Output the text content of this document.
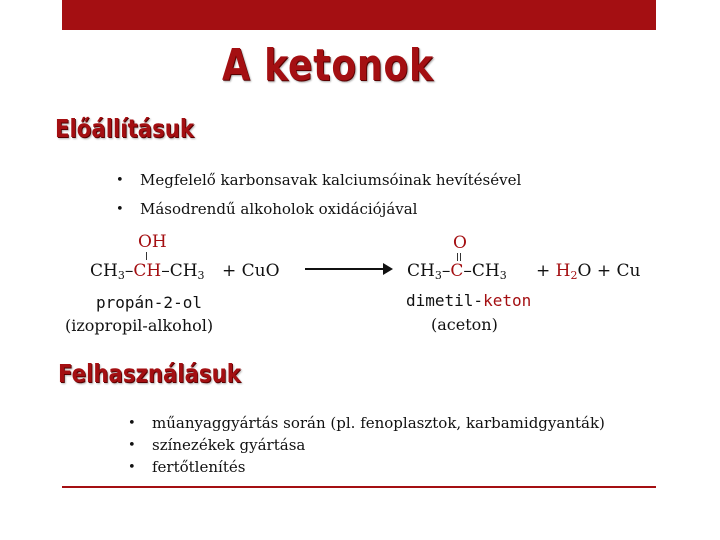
A ketonok
Előállításuk
• Megfelelő karbonsavak kalciumsóinak hevítésével
• Másodrendű alkoholok oxidációjával
OH
$CH_3-CH-CH_3$ + CuO
propán-2-ol
(izopropil-alkohol)
O
$CH_3-C-CH_3 + H_2O + Cu$
dimetil-keton
(aceton)
Felhasználásuk
• műanyaggyártás során (pl. fenoplasztok, karbamidgyanták)
• színezékek gyártása
• fertőtlenítés
